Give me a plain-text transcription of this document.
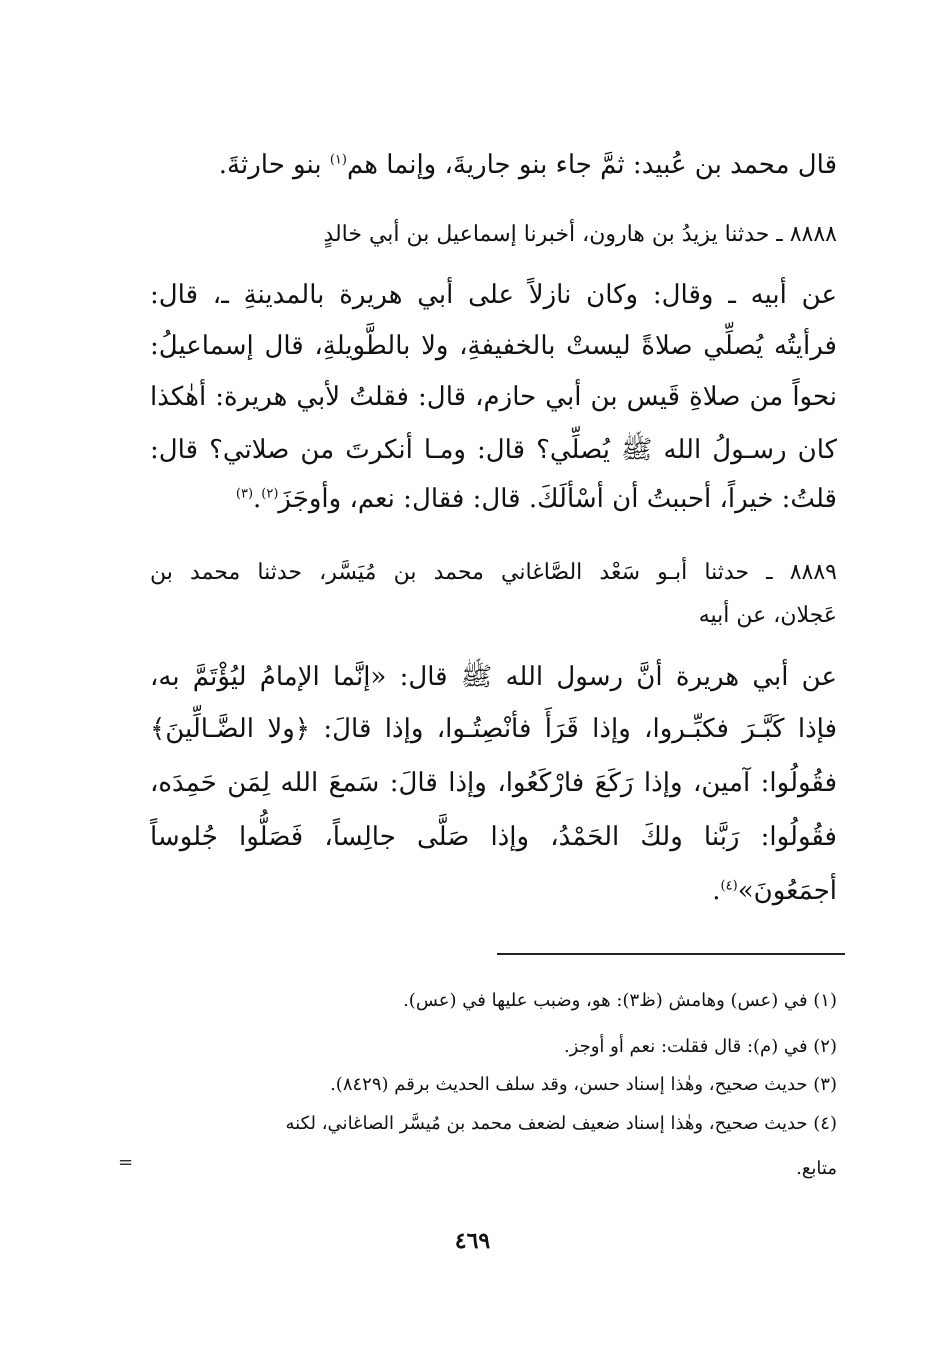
قال محمد بن عُبيد: ثمَّ جاء بنو جاريةَ، وإنما هم$^{(١)}$ بنو حارثةَ.
٨٨٨٨ ـ حدثنا يزيدُ بن هارون، أخبرنا إسماعيل بن أبي خالدٍ
عن أبيه ـ وقال: وكان نازلاً على أبي هريرة بالمدينةِ ـ، قال:
فرأيتُه يُصلِّي صلاةً ليستْ بالخفيفةِ، ولا بالطَّويلةِ، قال إسماعيلُ:
نحواً من صلاةِ قَيس بن أبي حازم، قال: فقلتُ لأبي هريرة: أهٰكذا
كان رسـولُ الله ﷺ يُصلِّي؟ قال: ومـا أنكرتَ من صلاتي؟ قال:
قلتُ: خيراً، أحببتُ أن أسْألَكَ. قال: فقال: نعم، وأوجَزَ$^{(٢)}$.$^{(٣)}$
٨٨٨٩ ـ حدثنا أبـو سَعْد الصَّاغاني محمد بن مُيَسَّر، حدثنا محمد بن
عَجلان، عن أبيه
عن أبي هريرة أنَّ رسول الله ﷺ قال: «إنَّما الإمامُ ليُؤْتَمَّ به،
فإذا كَبَّـرَ فكبِّـروا، وإذا قَرَأَ فأنْصِتُـوا، وإذا قالَ: ﴿ولا الضَّـالِّينَ﴾
فقُولُوا: آمين، وإذا رَكَعَ فارْكَعُوا، وإذا قالَ: سَمعَ الله لِمَن حَمِدَه،
فقُولُوا: رَبَّنا ولكَ الحَمْدُ، وإذا صَلَّى جالِساً، فَصَلُّوا جُلوساً
أجمَعُونَ»$^{(٤)}$.
(١) في (عس) وهامش (ظ٣): هو، وضبب عليها في (عس).
(٢) في (م): قال فقلت: نعم أو أوجز.
(٣) حديث صحيح، وهٰذا إسناد حسن، وقد سلف الحديث برقم (٨٤٢٩).
(٤) حديث صحيح، وهٰذا إسناد ضعيف لضعف محمد بن مُيسَّر الصاغاني، لكنه
متابع.
=
٤٦٩
